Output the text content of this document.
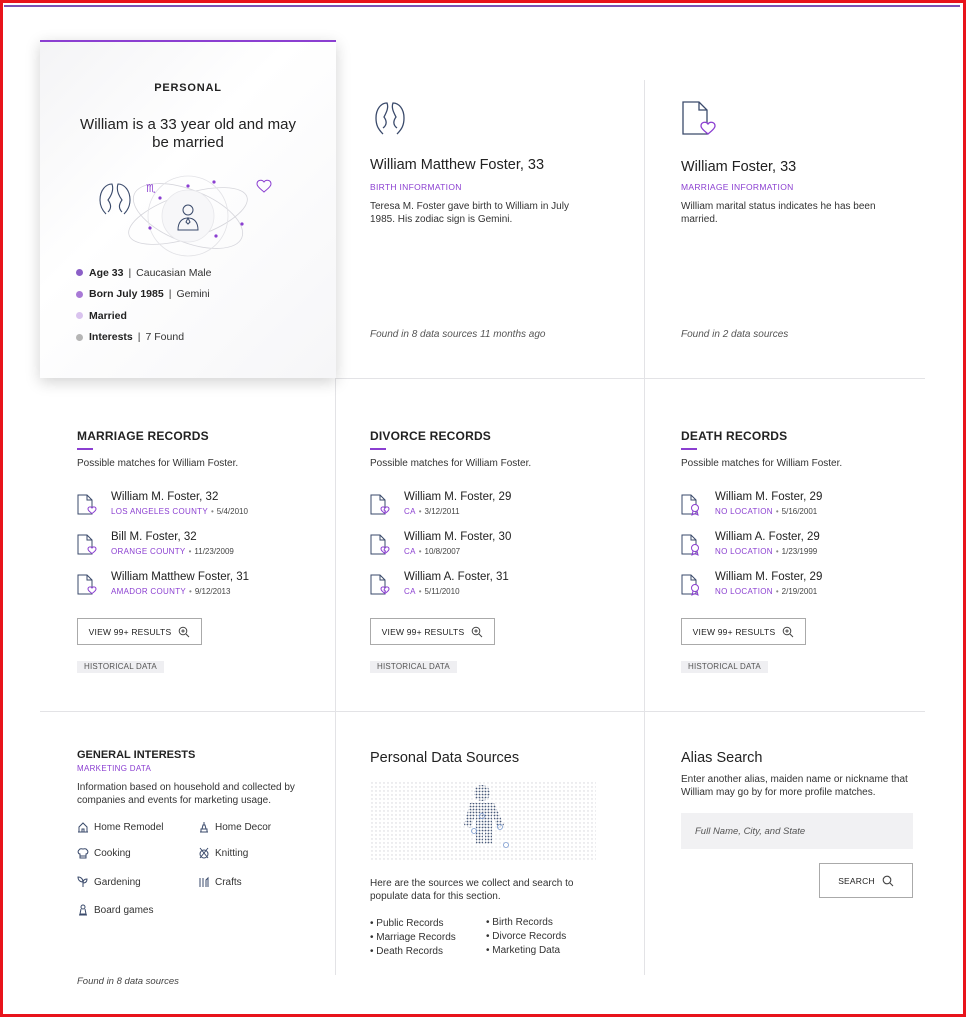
PERSONAL
William is a 33 year old and may be married
♏
Age 33 | Caucasian Male
Born July 1985 | Gemini
Married
Interests | 7 Found
William Matthew Foster, 33
BIRTH INFORMATION
Teresa M. Foster gave birth to William in July 1985. His zodiac sign is Gemini.
Found in 8 data sources 11 months ago
William Foster, 33
MARRIAGE INFORMATION
William marital status indicates he has been married.
Found in 2 data sources
MARRIAGE RECORDS
Possible matches for William Foster.
William M. Foster, 32
LOS ANGELES COUNTY • 5/4/2010
Bill M. Foster, 32
ORANGE COUNTY • 11/23/2009
William Matthew Foster, 31
AMADOR COUNTY • 9/12/2013
VIEW 99+ RESULTS
HISTORICAL DATA
DIVORCE RECORDS
Possible matches for William Foster.
William M. Foster, 29
CA • 3/12/2011
William M. Foster, 30
CA • 10/8/2007
William A. Foster, 31
CA • 5/11/2010
VIEW 99+ RESULTS
HISTORICAL DATA
DEATH RECORDS
Possible matches for William Foster.
William M. Foster, 29
NO LOCATION • 5/16/2001
William A. Foster, 29
NO LOCATION • 1/23/1999
William M. Foster, 29
NO LOCATION • 2/19/2001
VIEW 99+ RESULTS
HISTORICAL DATA
GENERAL INTERESTS
MARKETING DATA
Information based on household and collected by companies and events for marketing usage.
Home Remodel	Home Decor
Cooking	Knitting
Gardening	Crafts
Board games
Found in 8 data sources
Personal Data Sources
Here are the sources we collect and search to populate data for this section.
• Public Records
• Marriage Records
• Death Records
• Birth Records
• Divorce Records
• Marketing Data
Alias Search
Enter another alias, maiden name or nickname that William may go by for more profile matches.
Full Name, City, and State
SEARCH
